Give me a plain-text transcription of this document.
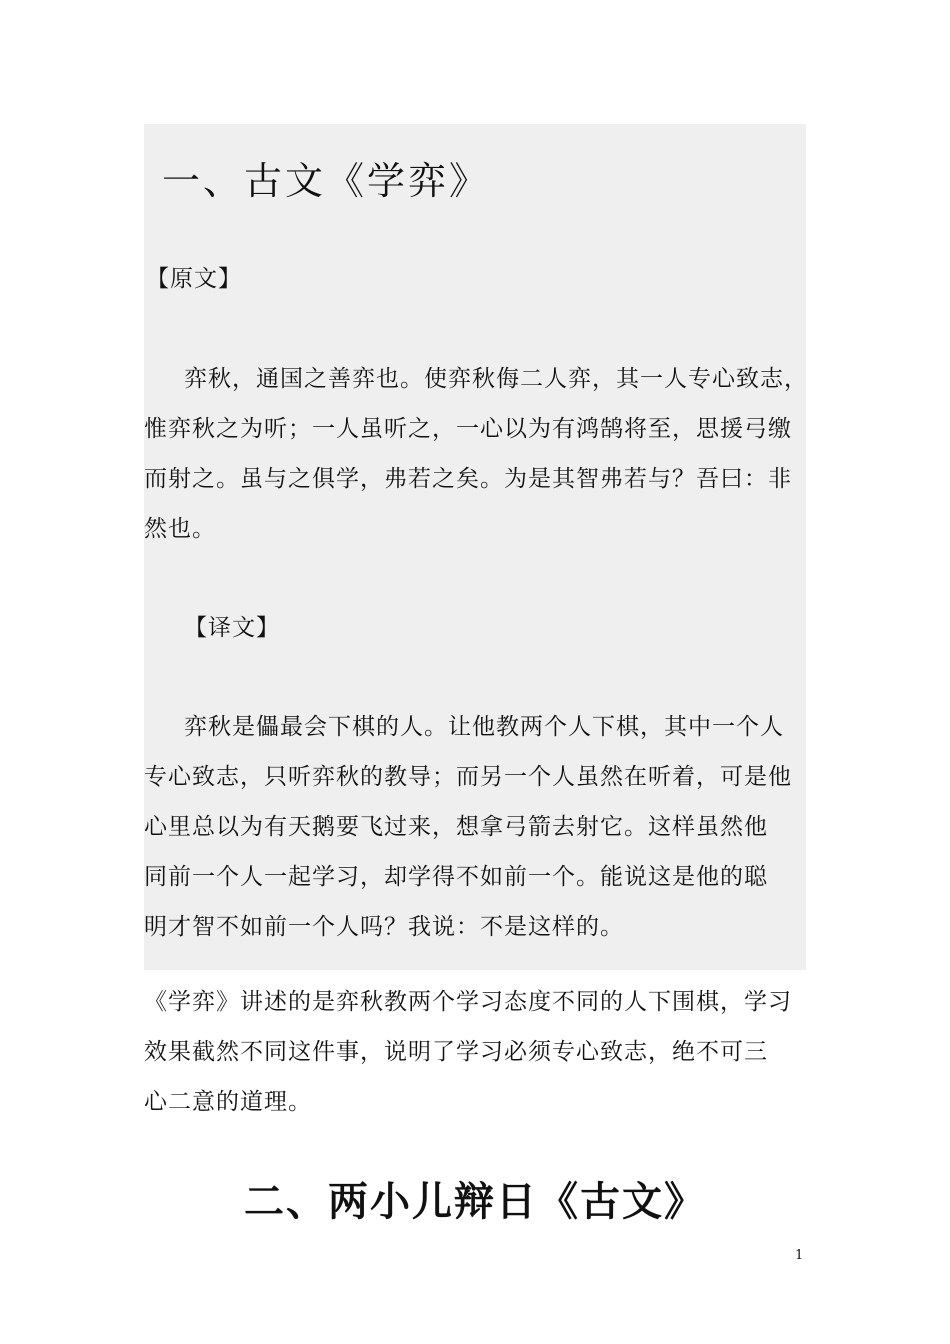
一、古文《学弈》
【原文】
弈秋，通国之善弈也。使弈秋侮二人弈，其一人专心致志，
惟弈秋之为听；一人虽听之，一心以为有鸿鹄将至，思援弓缴
而射之。虽与之俱学，弗若之矣。为是其智弗若与？吾曰：非
然也。
【译文】
弈秋是儡最会下棋的人。让他教两个人下棋，其中一个人
专心致志，只听弈秋的教导；而另一个人虽然在听着，可是他
心里总以为有天鹅要飞过来，想拿弓箭去射它。这样虽然他
同前一个人一起学习，却学得不如前一个。能说这是他的聪
明才智不如前一个人吗？我说：不是这样的。
《学弈》讲述的是弈秋教两个学习态度不同的人下围棋，学习
效果截然不同这件事，说明了学习必须专心致志，绝不可三
心二意的道理。
二、两小儿辩日《古文》
1
